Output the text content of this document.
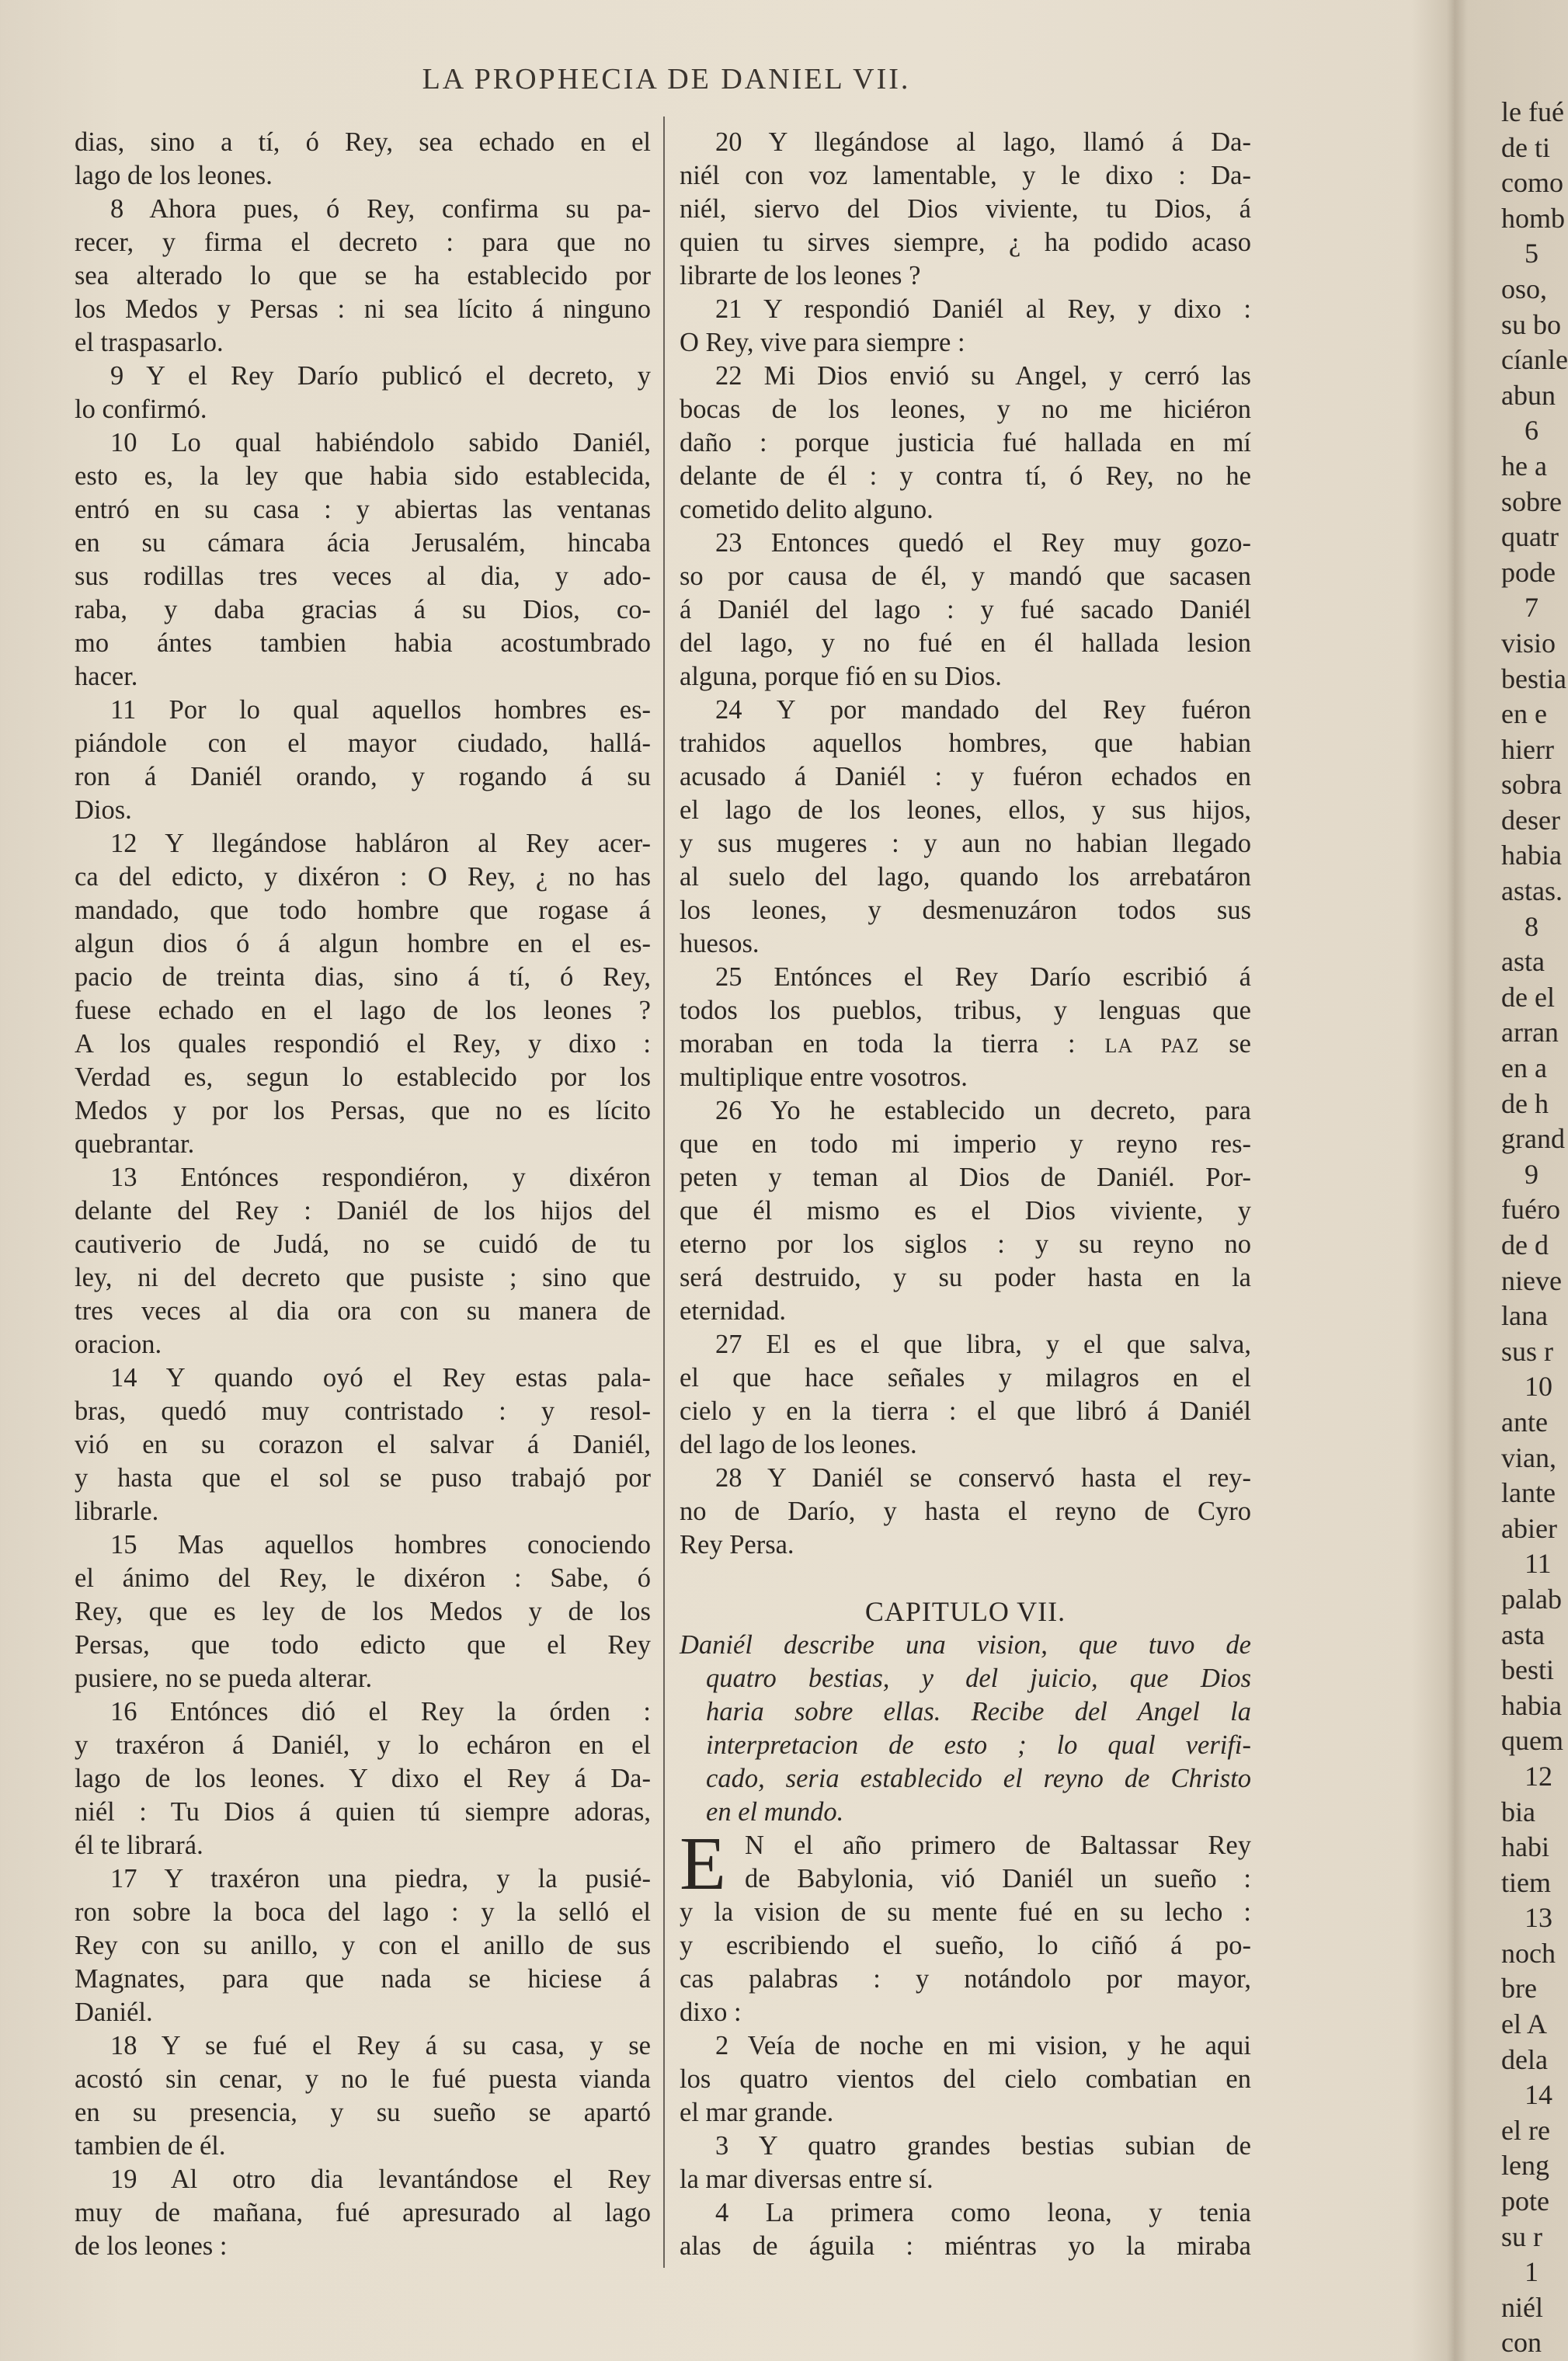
LA PROPHECIA DE DANIEL VII.
dias, sino a tí, ó Rey, sea echado en el
lago de los leones.
8 Ahora pues, ó Rey, confirma su pa-
recer, y firma el decreto : para que no
sea alterado lo que se ha establecido por
los Medos y Persas : ni sea lícito á ninguno
el traspasarlo.
9 Y el Rey Darío publicó el decreto, y
lo confirmó.
10 Lo qual habiéndolo sabido Daniél,
esto es, la ley que habia sido establecida,
entró en su casa : y abiertas las ventanas
en su cámara ácia Jerusalém, hincaba
sus rodillas tres veces al dia, y ado-
raba, y daba gracias á su Dios, co-
mo ántes tambien habia acostumbrado
hacer.
11 Por lo qual aquellos hombres es-
piándole con el mayor ciudado, hallá-
ron á Daniél orando, y rogando á su
Dios.
12 Y llegándose habláron al Rey acer-
ca del edicto, y dixéron : O Rey, ¿ no has
mandado, que todo hombre que rogase á
algun dios ó á algun hombre en el es-
pacio de treinta dias, sino á tí, ó Rey,
fuese echado en el lago de los leones ?
A los quales respondió el Rey, y dixo :
Verdad es, segun lo establecido por los
Medos y por los Persas, que no es lícito
quebrantar.
13 Entónces respondiéron, y dixéron
delante del Rey : Daniél de los hijos del
cautiverio de Judá, no se cuidó de tu
ley, ni del decreto que pusiste ; sino que
tres veces al dia ora con su manera de
oracion.
14 Y quando oyó el Rey estas pala-
bras, quedó muy contristado : y resol-
vió en su corazon el salvar á Daniél,
y hasta que el sol se puso trabajó por
librarle.
15 Mas aquellos hombres conociendo
el ánimo del Rey, le dixéron : Sabe, ó
Rey, que es ley de los Medos y de los
Persas, que todo edicto que el Rey
pusiere, no se pueda alterar.
16 Entónces dió el Rey la órden :
y traxéron á Daniél, y lo echáron en el
lago de los leones. Y dixo el Rey á Da-
niél : Tu Dios á quien tú siempre adoras,
él te librará.
17 Y traxéron una piedra, y la pusié-
ron sobre la boca del lago : y la selló el
Rey con su anillo, y con el anillo de sus
Magnates, para que nada se hiciese á
Daniél.
18 Y se fué el Rey á su casa, y se
acostó sin cenar, y no le fué puesta vianda
en su presencia, y su sueño se apartó
tambien de él.
19 Al otro dia levantándose el Rey
muy de mañana, fué apresurado al lago
de los leones :
20 Y llegándose al lago, llamó á Da-
niél con voz lamentable, y le dixo : Da-
niél, siervo del Dios viviente, tu Dios, á
quien tu sirves siempre, ¿ ha podido acaso
librarte de los leones ?
21 Y respondió Daniél al Rey, y dixo :
O Rey, vive para siempre :
22 Mi Dios envió su Angel, y cerró las
bocas de los leones, y no me hiciéron
daño : porque justicia fué hallada en mí
delante de él : y contra tí, ó Rey, no he
cometido delito alguno.
23 Entonces quedó el Rey muy gozo-
so por causa de él, y mandó que sacasen
á Daniél del lago : y fué sacado Daniél
del lago, y no fué en él hallada lesion
alguna, porque fió en su Dios.
24 Y por mandado del Rey fuéron
trahidos aquellos hombres, que habian
acusado á Daniél : y fuéron echados en
el lago de los leones, ellos, y sus hijos,
y sus mugeres : y aun no habian llegado
al suelo del lago, quando los arrebatáron
los leones, y desmenuzáron todos sus
huesos.
25 Entónces el Rey Darío escribió á
todos los pueblos, tribus, y lenguas que
moraban en toda la tierra : LA PAZ se
multiplique entre vosotros.
26 Yo he establecido un decreto, para
que en todo mi imperio y reyno res-
peten y teman al Dios de Daniél. Por-
que él mismo es el Dios viviente, y
eterno por los siglos : y su reyno no
será destruido, y su poder hasta en la
eternidad.
27 El es el que libra, y el que salva,
el que hace señales y milagros en el
cielo y en la tierra : el que libró á Daniél
del lago de los leones.
28 Y Daniél se conservó hasta el rey-
no de Darío, y hasta el reyno de Cyro
Rey Persa.

CAPITULO VII.
Daniél describe una vision, que tuvo de
quatro bestias, y del juicio, que Dios
haria sobre ellas. Recibe del Angel la
interpretacion de esto ; lo qual verifi-
cado, seria establecido el reyno de Christo
en el mundo.
E N el año primero de Baltassar Rey
de Babylonia, vió Daniél un sueño :
y la vision de su mente fué en su lecho :
y escribiendo el sueño, lo ciñó á po-
cas palabras : y notándolo por mayor,
dixo :
2 Veía de noche en mi vision, y he aqui
los quatro vientos del cielo combatian en
el mar grande.
3 Y quatro grandes bestias subian de
la mar diversas entre sí.
4 La primera como leona, y tenia
alas de águila : miéntras yo la miraba
le fué
de ti
como
homb
5
oso,
su bo
cíanle
abun
6
he a
sobre
quatr
pode
7
visio
bestia
en e
hierr
sobra
deser
habia
astas.
8
asta
de el
arran
en a
de h
grand
9
fuéro
de d
nieve
lana
sus r
10
ante
vian,
lante
abier
11
palab
asta
besti
habia
quem
12
bia
habi
tiem
13
noch
bre
el A
dela
14
el re
leng
pote
su r
1
niél
con
